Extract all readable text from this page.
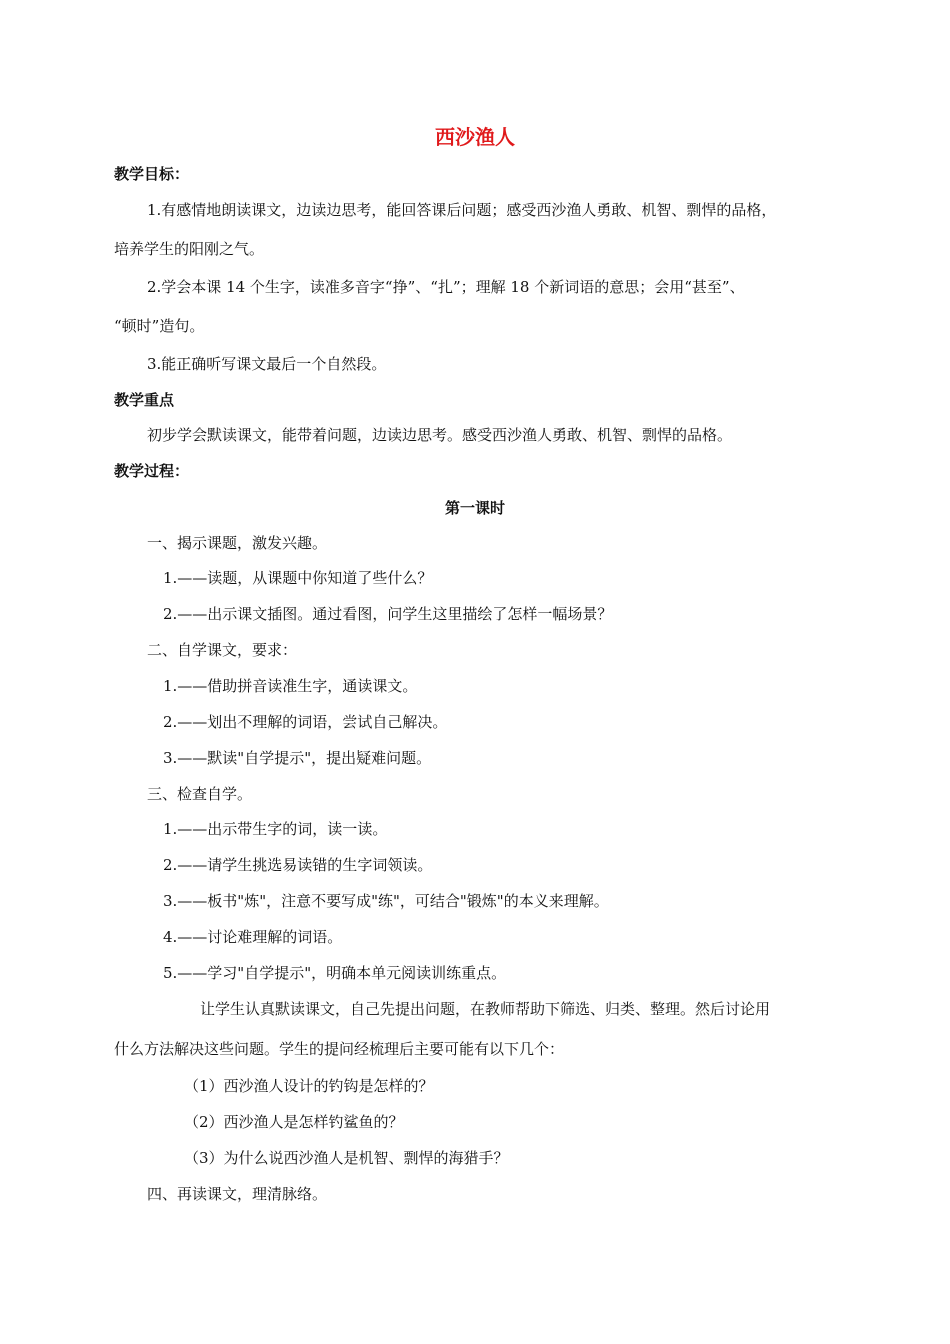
西沙渔人
教学目标：
1.有感情地朗读课文，边读边思考，能回答课后问题；感受西沙渔人勇敢、机智、剽悍的品格，
培养学生的阳刚之气。
2.学会本课 14 个生字，读准多音字“挣”、“扎”；理解 18 个新词语的意思；会用“甚至”、
“顿时”造句。
3.能正确听写课文最后一个自然段。
教学重点
初步学会默读课文，能带着问题，边读边思考。感受西沙渔人勇敢、机智、剽悍的品格。
教学过程：
第一课时
一、揭示课题，激发兴趣。
1.——读题，从课题中你知道了些什么？
2.——出示课文插图。通过看图，问学生这里描绘了怎样一幅场景？
二、自学课文，要求：
1.——借助拼音读准生字，通读课文。
2.——划出不理解的词语，尝试自己解决。
3.——默读"自学提示"，提出疑难问题。
三、检查自学。
1.——出示带生字的词，读一读。
2.——请学生挑选易读错的生字词领读。
3.——板书"炼"，注意不要写成"练"，可结合"锻炼"的本义来理解。
4.——讨论难理解的词语。
5.——学习"自学提示"，明确本单元阅读训练重点。
让学生认真默读课文，自己先提出问题，在教师帮助下筛选、归类、整理。然后讨论用
什么方法解决这些问题。学生的提问经梳理后主要可能有以下几个：
（1）西沙渔人设计的钓钩是怎样的？
（2）西沙渔人是怎样钓鲨鱼的？
（3）为什么说西沙渔人是机智、剽悍的海猎手？
四、再读课文，理清脉络。
